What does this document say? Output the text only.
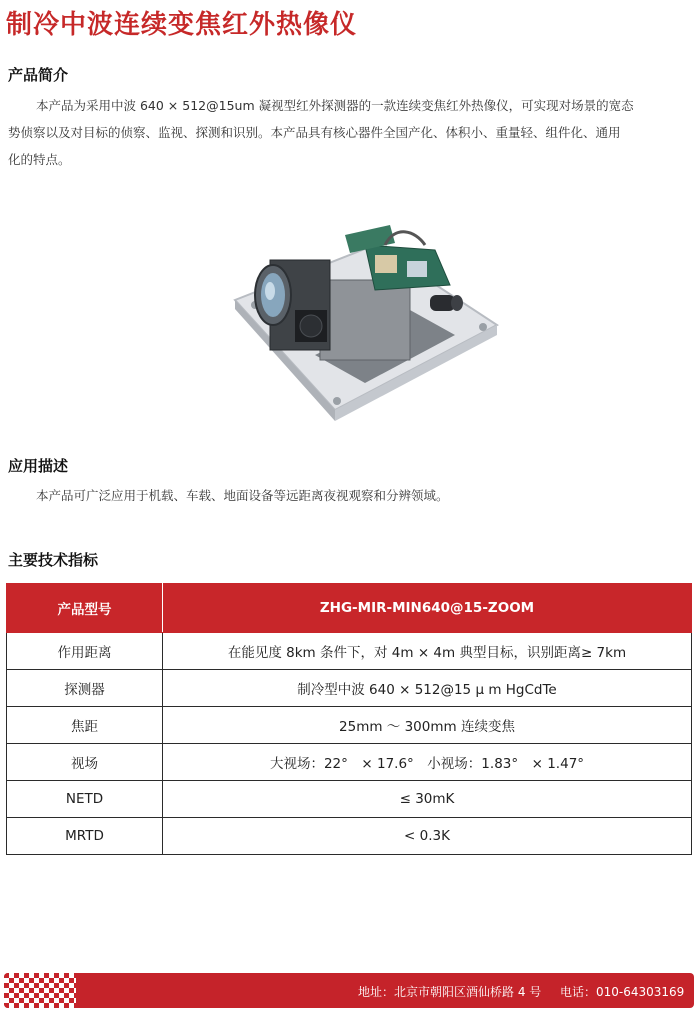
制冷中波连续变焦红外热像仪
产品简介
本产品为采用中波 640 × 512@15um 凝视型红外探测器的一款连续变焦红外热像仪，可实现对场景的宽态
势侦察以及对目标的侦察、监视、探测和识别。本产品具有核心器件全国产化、体积小、重量轻、组件化、通用
化的特点。
应用描述
本产品可广泛应用于机载、车载、地面设备等远距离夜视观察和分辨领域。
主要技术指标
产品型号	ZHG-MIR-MIN640@15-ZOOM
作用距离	在能见度 8km 条件下，对 4m × 4m 典型目标，识别距离≥ 7km
探测器	制冷型中波 640 × 512@15 μ m HgCdTe
焦距	25mm ～ 300mm 连续变焦
视场	大视场：22°　× 17.6°　小视场：1.83°　× 1.47°
NETD	≤ 30mK
MRTD	< 0.3K
地址：北京市朝阳区酒仙桥路 4 号 电话：010-64303169
